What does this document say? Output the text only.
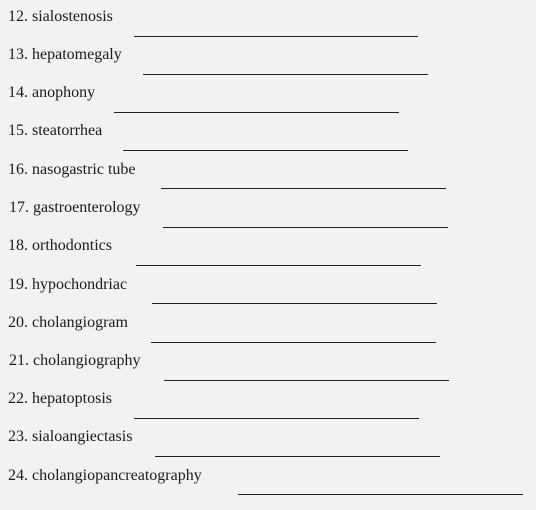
12. sialostenosis
13. hepatomegaly
14. anophony
15. steatorrhea
16. nasogastric tube
17. gastroenterology
18. orthodontics
19. hypochondriac
20. cholangiogram
21. cholangiography
22. hepatoptosis
23. sialoangiectasis
24. cholangiopancreatography
